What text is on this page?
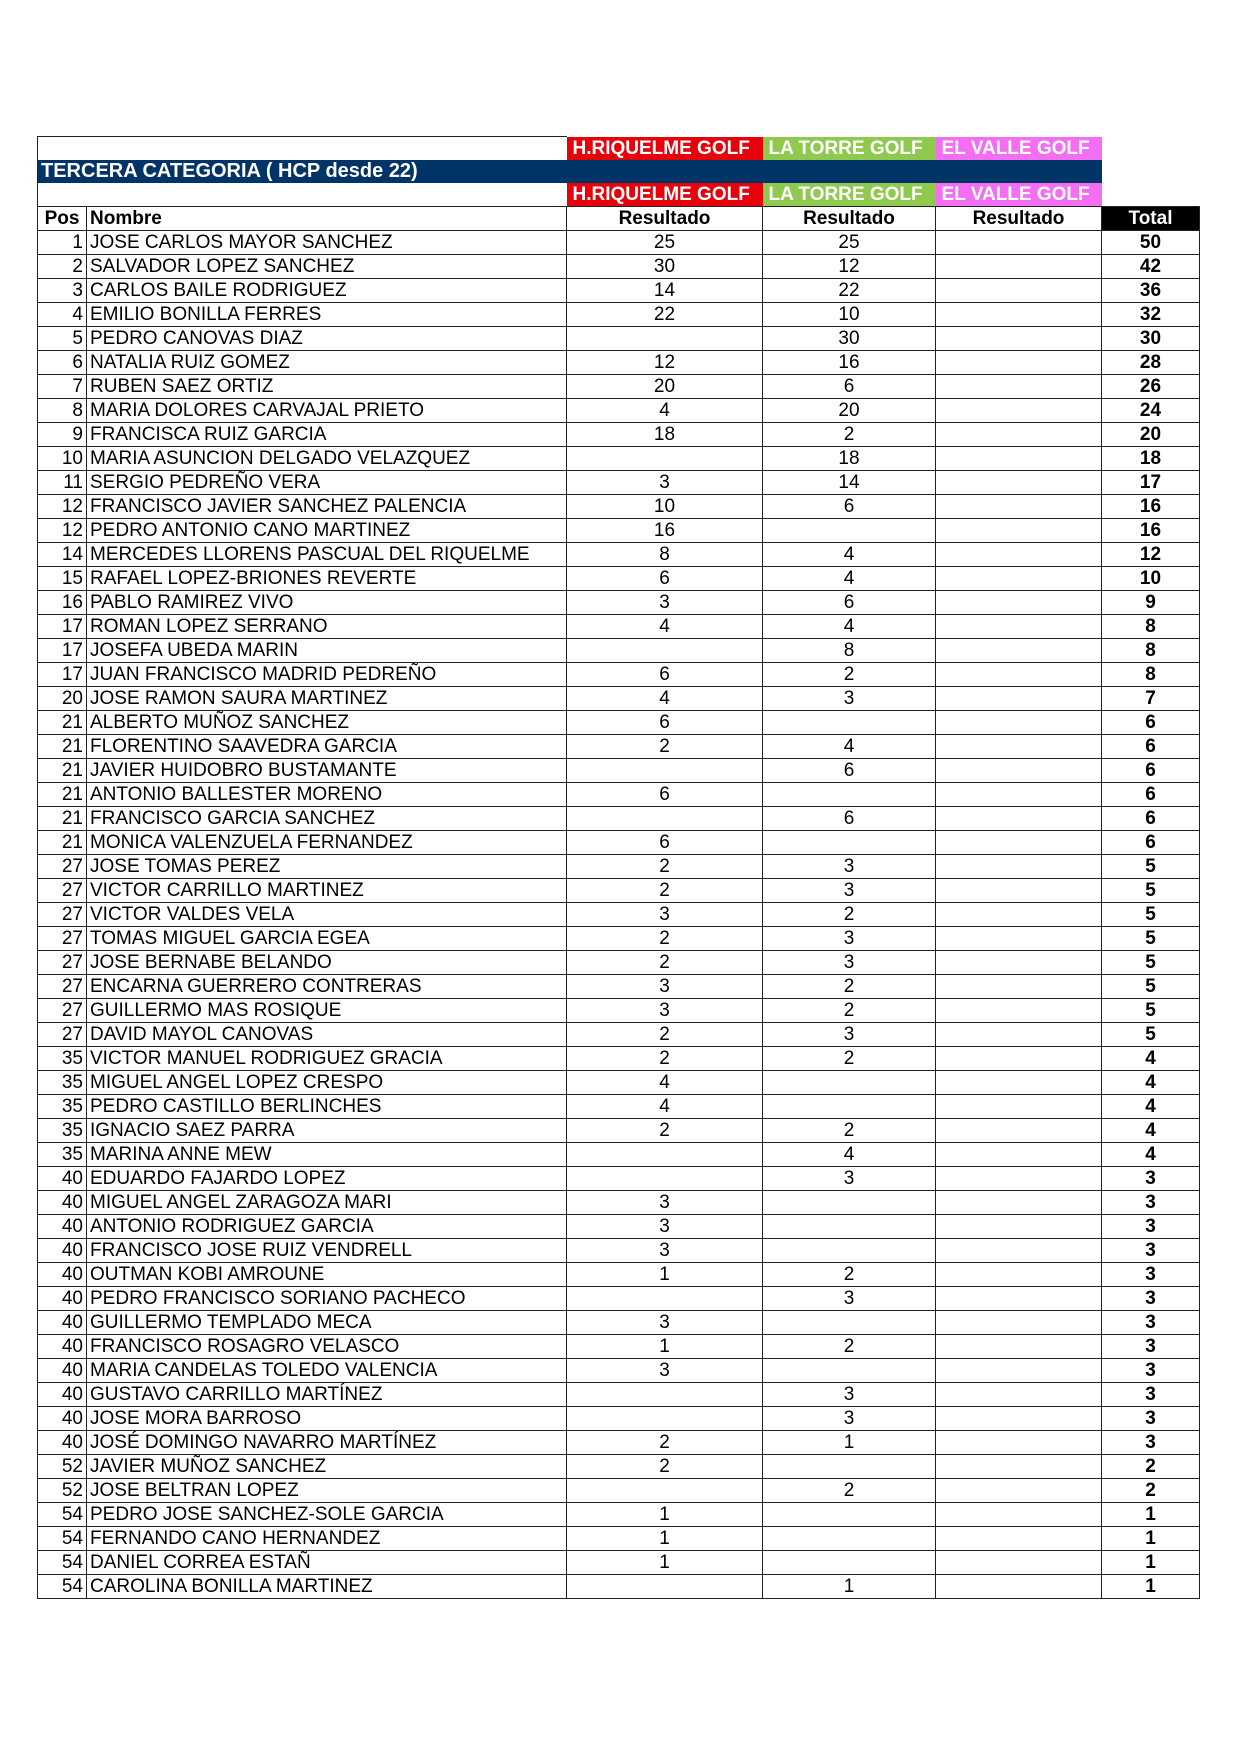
		H.RIQUELME GOLF	LA TORRE GOLF	EL VALLE GOLF	
TERCERA CATEGORIA ( HCP desde 22)					
		H.RIQUELME GOLF	LA TORRE GOLF	EL VALLE GOLF	
Pos	Nombre	Resultado	Resultado	Resultado	Total
1	JOSE CARLOS MAYOR SANCHEZ	25	25		50
2	SALVADOR LOPEZ SANCHEZ	30	12		42
3	CARLOS BAILE RODRIGUEZ	14	22		36
4	EMILIO BONILLA FERRES	22	10		32
5	PEDRO CANOVAS DIAZ		30		30
6	NATALIA RUIZ GOMEZ	12	16		28
7	RUBEN SAEZ ORTIZ	20	6		26
8	MARIA DOLORES CARVAJAL PRIETO	4	20		24
9	FRANCISCA RUIZ GARCIA	18	2		20
10	MARIA ASUNCION DELGADO VELAZQUEZ		18		18
11	SERGIO PEDREÑO VERA	3	14		17
12	FRANCISCO JAVIER SANCHEZ PALENCIA	10	6		16
12	PEDRO ANTONIO CANO MARTINEZ	16			16
14	MERCEDES LLORENS PASCUAL DEL RIQUELME	8	4		12
15	RAFAEL LOPEZ-BRIONES REVERTE	6	4		10
16	PABLO RAMIREZ VIVO	3	6		9
17	ROMAN LOPEZ SERRANO	4	4		8
17	JOSEFA UBEDA MARIN		8		8
17	JUAN FRANCISCO MADRID PEDREÑO	6	2		8
20	JOSE RAMON SAURA MARTINEZ	4	3		7
21	ALBERTO MUÑOZ SANCHEZ	6			6
21	FLORENTINO SAAVEDRA GARCIA	2	4		6
21	JAVIER HUIDOBRO BUSTAMANTE		6		6
21	ANTONIO BALLESTER MORENO	6			6
21	FRANCISCO GARCIA SANCHEZ		6		6
21	MONICA VALENZUELA FERNANDEZ	6			6
27	JOSE TOMAS PEREZ	2	3		5
27	VICTOR CARRILLO MARTINEZ	2	3		5
27	VICTOR VALDES VELA	3	2		5
27	TOMAS MIGUEL GARCIA EGEA	2	3		5
27	JOSE BERNABE BELANDO	2	3		5
27	ENCARNA GUERRERO CONTRERAS	3	2		5
27	GUILLERMO MAS ROSIQUE	3	2		5
27	DAVID MAYOL CANOVAS	2	3		5
35	VICTOR MANUEL RODRIGUEZ GRACIA	2	2		4
35	MIGUEL ANGEL LOPEZ CRESPO	4			4
35	PEDRO CASTILLO BERLINCHES	4			4
35	IGNACIO SAEZ PARRA	2	2		4
35	MARINA ANNE MEW		4		4
40	EDUARDO FAJARDO LOPEZ		3		3
40	MIGUEL ANGEL ZARAGOZA MARI	3			3
40	ANTONIO RODRIGUEZ GARCIA	3			3
40	FRANCISCO JOSE RUIZ VENDRELL	3			3
40	OUTMAN KOBI AMROUNE	1	2		3
40	PEDRO FRANCISCO SORIANO PACHECO		3		3
40	GUILLERMO TEMPLADO MECA	3			3
40	FRANCISCO ROSAGRO VELASCO	1	2		3
40	MARIA CANDELAS TOLEDO VALENCIA	3			3
40	GUSTAVO CARRILLO MARTÍNEZ		3		3
40	JOSE MORA BARROSO		3		3
40	JOSÉ DOMINGO NAVARRO MARTÍNEZ	2	1		3
52	JAVIER MUÑOZ SANCHEZ	2			2
52	JOSE BELTRAN LOPEZ		2		2
54	PEDRO JOSE SANCHEZ-SOLE GARCIA	1			1
54	FERNANDO CANO HERNANDEZ	1			1
54	DANIEL CORREA ESTAÑ	1			1
54	CAROLINA BONILLA MARTINEZ		1		1
